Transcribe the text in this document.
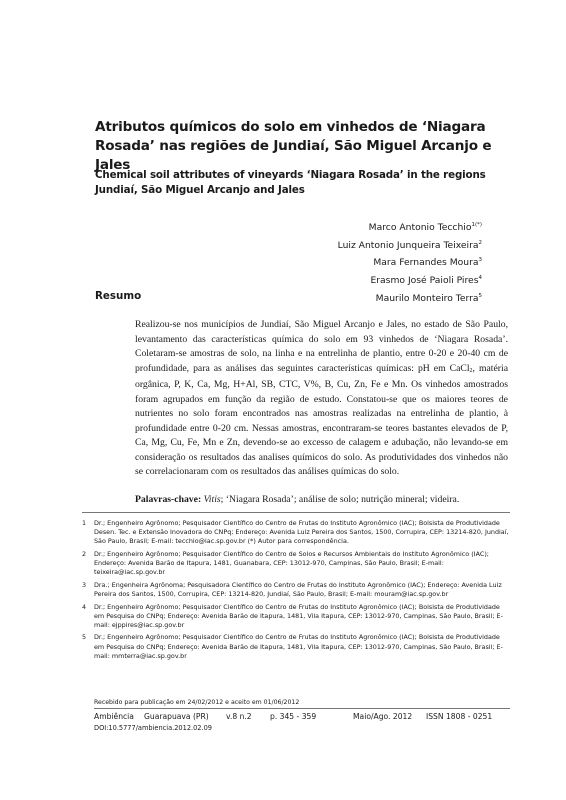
Atributos químicos do solo em vinhedos de ‘Niagara Rosada’ nas regiões de Jundiaí, São Miguel Arcanjo e Jales
Chemical soil attributes of vineyards ‘Niagara Rosada’ in the regions Jundiaí, São Miguel Arcanjo and Jales
Marco Antonio Tecchio$^{1(*)}$
Luiz Antonio Junqueira Teixeira$^2$
Mara Fernandes Moura$^3$
Erasmo José Paioli Pires$^4$
Maurilo Monteiro Terra$^5$
Resumo

Realizou-se nos municípios de Jundiaí, São Miguel Arcanjo e Jales, no estado de São Paulo, levantamento das características química do solo em 93 vinhedos de ‘Niagara Rosada’. Coletaram-se amostras de solo, na linha e na entrelinha de plantio, entre 0-20 e 20-40 cm de profundidade, para as análises das seguintes características químicas: pH em CaCl$_2$, matéria orgânica, P, K, Ca, Mg, H+Al, SB, CTC, V%, B, Cu, Zn, Fe e Mn. Os vinhedos amostrados foram agrupados em função da região de estudo. Constatou-se que os maiores teores de nutrientes no solo foram encontrados nas amostras realizadas na entrelinha de plantio, à profundidade entre 0-20 cm. Nessas amostras, encontraram-se teores bastantes elevados de P, Ca, Mg, Cu, Fe, Mn e Zn, devendo-se ao excesso de calagem e adubação, não levando-se em consideração os resultados das analises químicos do solo. As produtividades dos vinhedos não se correlacionaram com os resultados das análises químicas do solo.

Palavras-chave: Vitis; ‘Niagara Rosada’; análise de solo; nutrição mineral; videira.
1 Dr.; Engenheiro Agrônomo; Pesquisador Científico do Centro de Frutas do Instituto Agronômico (IAC); Bolsista de Produtividade Desen. Tec. e Extensão Inovadora do CNPq; Endereço: Avenida Luiz Pereira dos Santos, 1500, Corrupira, CEP: 13214-820, Jundiaí, São Paulo, Brasil; E-mail: tecchio@iac.sp.gov.br (*) Autor para correspondência.
2 Dr.; Engenheiro Agrônomo; Pesquisador Científico do Centro de Solos e Recursos Ambientais do Instituto Agronômico (IAC); Endereço: Avenida Barão de Itapura, 1481, Guanabara, CEP: 13012-970, Campinas, São Paulo, Brasil; E-mail: teixeira@iac.sp.gov.br
3 Dra.; Engenheira Agrônoma; Pesquisadora Científico do Centro de Frutas do Instituto Agronômico (IAC); Endereço: Avenida Luiz Pereira dos Santos, 1500, Corrupira, CEP: 13214-820, Jundiaí, São Paulo, Brasil; E-mail: mouram@iac.sp.gov.br
4 Dr.; Engenheiro Agrônomo; Pesquisador Científico do Centro de Frutas do Instituto Agronômico (IAC); Bolsista de Produtividade em Pesquisa do CNPq; Endereço: Avenida Barão de Itapura, 1481, Vila Itapura, CEP: 13012-970, Campinas, São Paulo, Brasil; E-mail: ejppires@iac.sp.gov.br
5 Dr.; Engenheiro Agrônomo; Pesquisador Científico do Centro de Frutas do Instituto Agronômico (IAC); Bolsista de Produtividade em Pesquisa do CNPq; Endereço: Avenida Barão de Itapura, 1481, Vila Itapura, CEP: 13012-970, Campinas, São Paulo, Brasil; E-mail: mmterra@iac.sp.gov.br
Recebido para publicação em 24/02/2012 e aceito em 01/06/2012
Ambiência Guarapuava (PR) v.8 n.2 p. 345 - 359	Maio/Ago. 2012 ISSN 1808 - 0251
DOI:10.5777/ambiencia.2012.02.09
